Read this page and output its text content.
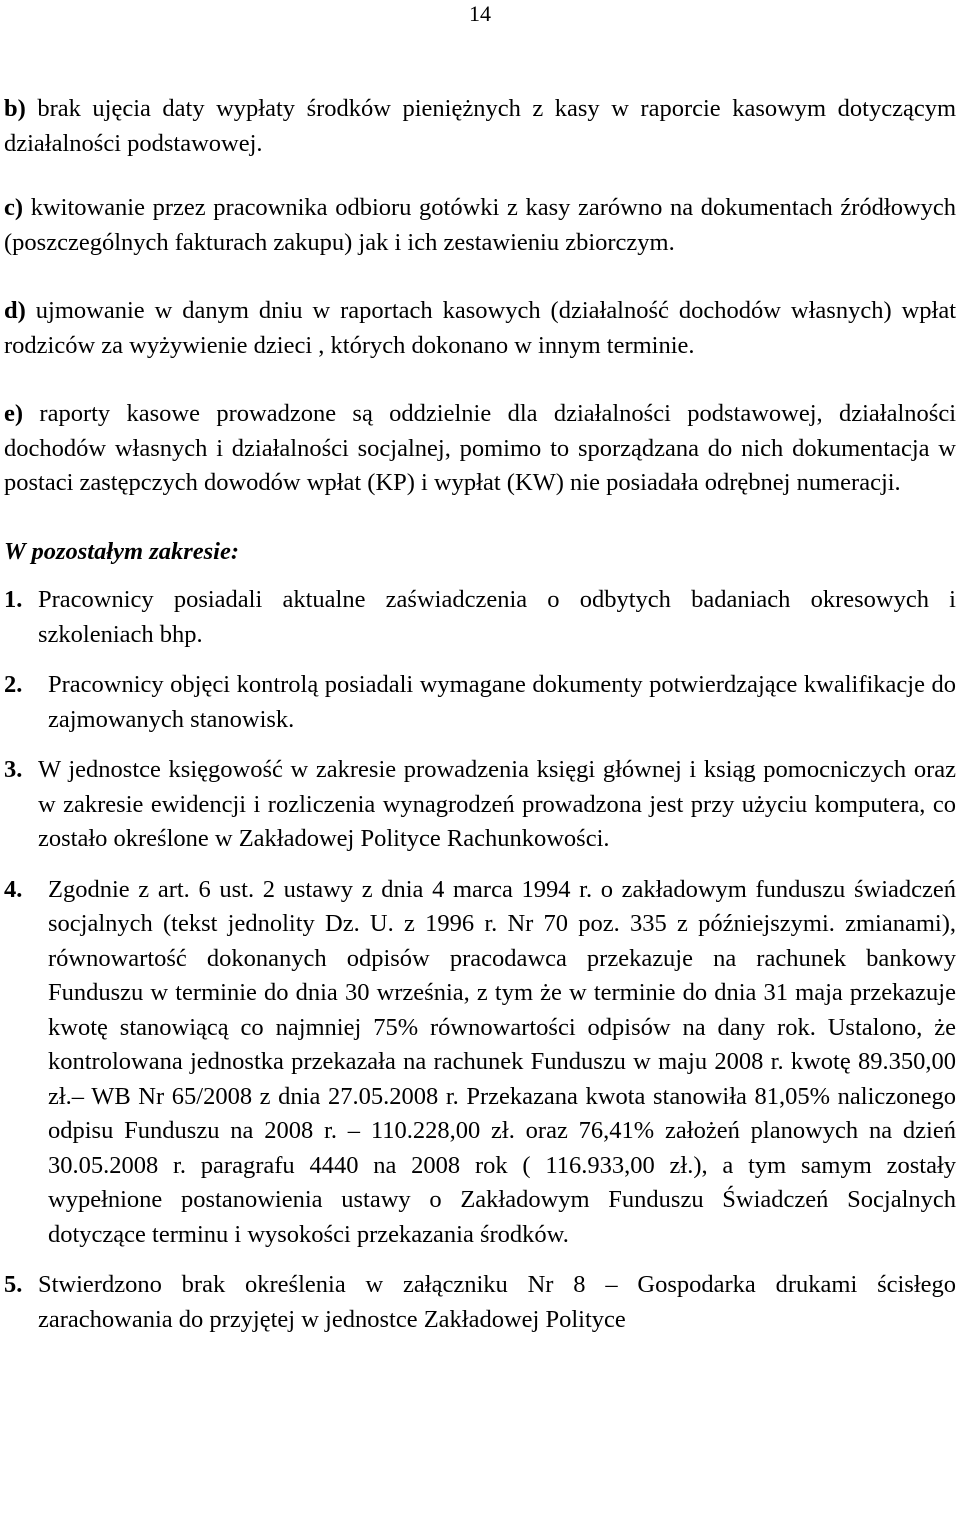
14

b) brak ujęcia daty wypłaty środków pieniężnych z kasy w raporcie kasowym dotyczącym działalności podstawowej.

c) kwitowanie przez pracownika odbioru gotówki z kasy zarówno na dokumentach źródłowych (poszczególnych fakturach zakupu) jak i ich zestawieniu zbiorczym.

d) ujmowanie w danym dniu w raportach kasowych (działalność dochodów własnych) wpłat rodziców za wyżywienie dzieci , których dokonano w innym terminie.

e) raporty kasowe prowadzone są oddzielnie dla działalności podstawowej, działalności dochodów własnych i działalności socjalnej, pomimo to sporządzana do nich dokumentacja w postaci zastępczych dowodów wpłat (KP) i wypłat (KW) nie posiadała odrębnej numeracji.

W pozostałym zakresie:

1. Pracownicy posiadali aktualne zaświadczenia o odbytych badaniach okresowych i szkoleniach bhp.
2. Pracownicy objęci kontrolą posiadali wymagane dokumenty potwierdzające kwalifikacje do zajmowanych stanowisk.
3. W jednostce księgowość w zakresie prowadzenia księgi głównej i ksiąg pomocniczych oraz w zakresie ewidencji i rozliczenia wynagrodzeń prowadzona jest przy użyciu komputera, co zostało określone w Zakładowej Polityce Rachunkowości.
4. Zgodnie z art. 6 ust. 2 ustawy z dnia 4 marca 1994 r. o zakładowym funduszu świadczeń socjalnych (tekst jednolity Dz. U. z 1996 r. Nr 70 poz. 335 z późniejszymi. zmianami), równowartość dokonanych odpisów pracodawca przekazuje na rachunek bankowy Funduszu w terminie do dnia 30 września, z tym że w terminie do dnia 31 maja przekazuje kwotę stanowiącą co najmniej 75% równowartości odpisów na dany rok. Ustalono, że kontrolowana jednostka przekazała na rachunek Funduszu w maju 2008 r. kwotę 89.350,00 zł.– WB Nr 65/2008 z dnia 27.05.2008 r. Przekazana kwota stanowiła 81,05% naliczonego odpisu Funduszu na 2008 r. – 110.228,00 zł. oraz 76,41% założeń planowych na dzień 30.05.2008 r. paragrafu 4440 na 2008 rok ( 116.933,00 zł.), a tym samym zostały wypełnione postanowienia ustawy o Zakładowym Funduszu Świadczeń Socjalnych dotyczące terminu i wysokości przekazania środków.
5. Stwierdzono brak określenia w załączniku Nr 8 – Gospodarka drukami ścisłego zarachowania do przyjętej w jednostce Zakładowej Polityce
